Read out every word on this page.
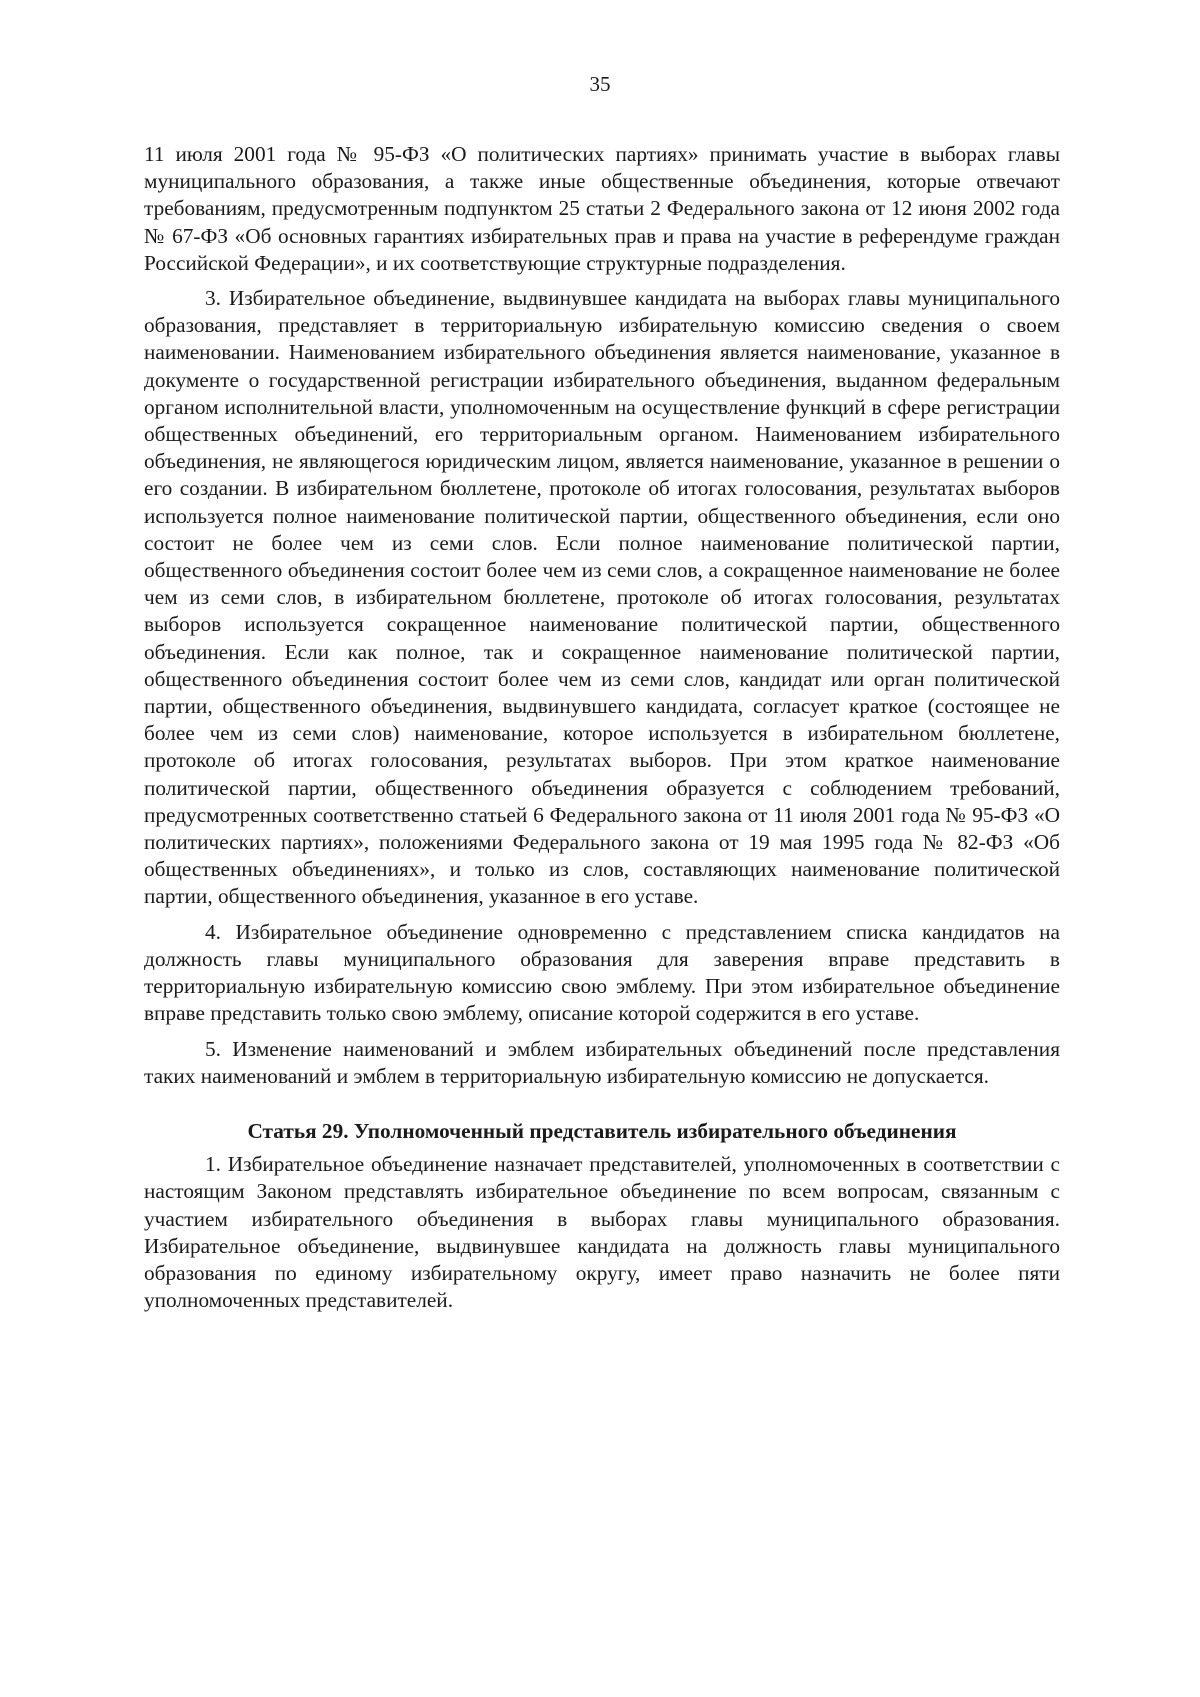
35

11 июля 2001 года № 95-ФЗ «О политических партиях» принимать участие в выборах главы муниципального образования, а также иные общественные объединения, которые отвечают требованиям, предусмотренным подпунктом 25 статьи 2 Федерального закона от 12 июня 2002 года № 67-ФЗ «Об основных гарантиях избирательных прав и права на участие в референдуме граждан Российской Федерации», и их соответствующие структурные подразделения.

3. Избирательное объединение, выдвинувшее кандидата на выборах главы муниципального образования, представляет в территориальную избирательную комиссию сведения о своем наименовании. Наименованием избирательного объединения является наименование, указанное в документе о государственной регистрации избирательного объединения, выданном федеральным органом исполнительной власти, уполномоченным на осуществление функций в сфере регистрации общественных объединений, его территориальным органом. Наименованием избирательного объединения, не являющегося юридическим лицом, является наименование, указанное в решении о его создании. В избирательном бюллетене, протоколе об итогах голосования, результатах выборов используется полное наименование политической партии, общественного объединения, если оно состоит не более чем из семи слов. Если полное наименование политической партии, общественного объединения состоит более чем из семи слов, а сокращенное наименование не более чем из семи слов, в избирательном бюллетене, протоколе об итогах голосования, результатах выборов используется сокращенное наименование политической партии, общественного объединения. Если как полное, так и сокращенное наименование политической партии, общественного объединения состоит более чем из семи слов, кандидат или орган политической партии, общественного объединения, выдвинувшего кандидата, согласует краткое (состоящее не более чем из семи слов) наименование, которое используется в избирательном бюллетене, протоколе об итогах голосования, результатах выборов. При этом краткое наименование политической партии, общественного объединения образуется с соблюдением требований, предусмотренных соответственно статьей 6 Федерального закона от 11 июля 2001 года № 95-ФЗ «О политических партиях», положениями Федерального закона от 19 мая 1995 года № 82-ФЗ «Об общественных объединениях», и только из слов, составляющих наименование политической партии, общественного объединения, указанное в его уставе.

4. Избирательное объединение одновременно с представлением списка кандидатов на должность главы муниципального образования для заверения вправе представить в территориальную избирательную комиссию свою эмблему. При этом избирательное объединение вправе представить только свою эмблему, описание которой содержится в его уставе.

5. Изменение наименований и эмблем избирательных объединений после представления таких наименований и эмблем в территориальную избирательную комиссию не допускается.

Статья 29. Уполномоченный представитель избирательного объединения

1. Избирательное объединение назначает представителей, уполномоченных в соответствии с настоящим Законом представлять избирательное объединение по всем вопросам, связанным с участием избирательного объединения в выборах главы муниципального образования. Избирательное объединение, выдвинувшее кандидата на должность главы муниципального образования по единому избирательному округу, имеет право назначить не более пяти уполномоченных представителей.
